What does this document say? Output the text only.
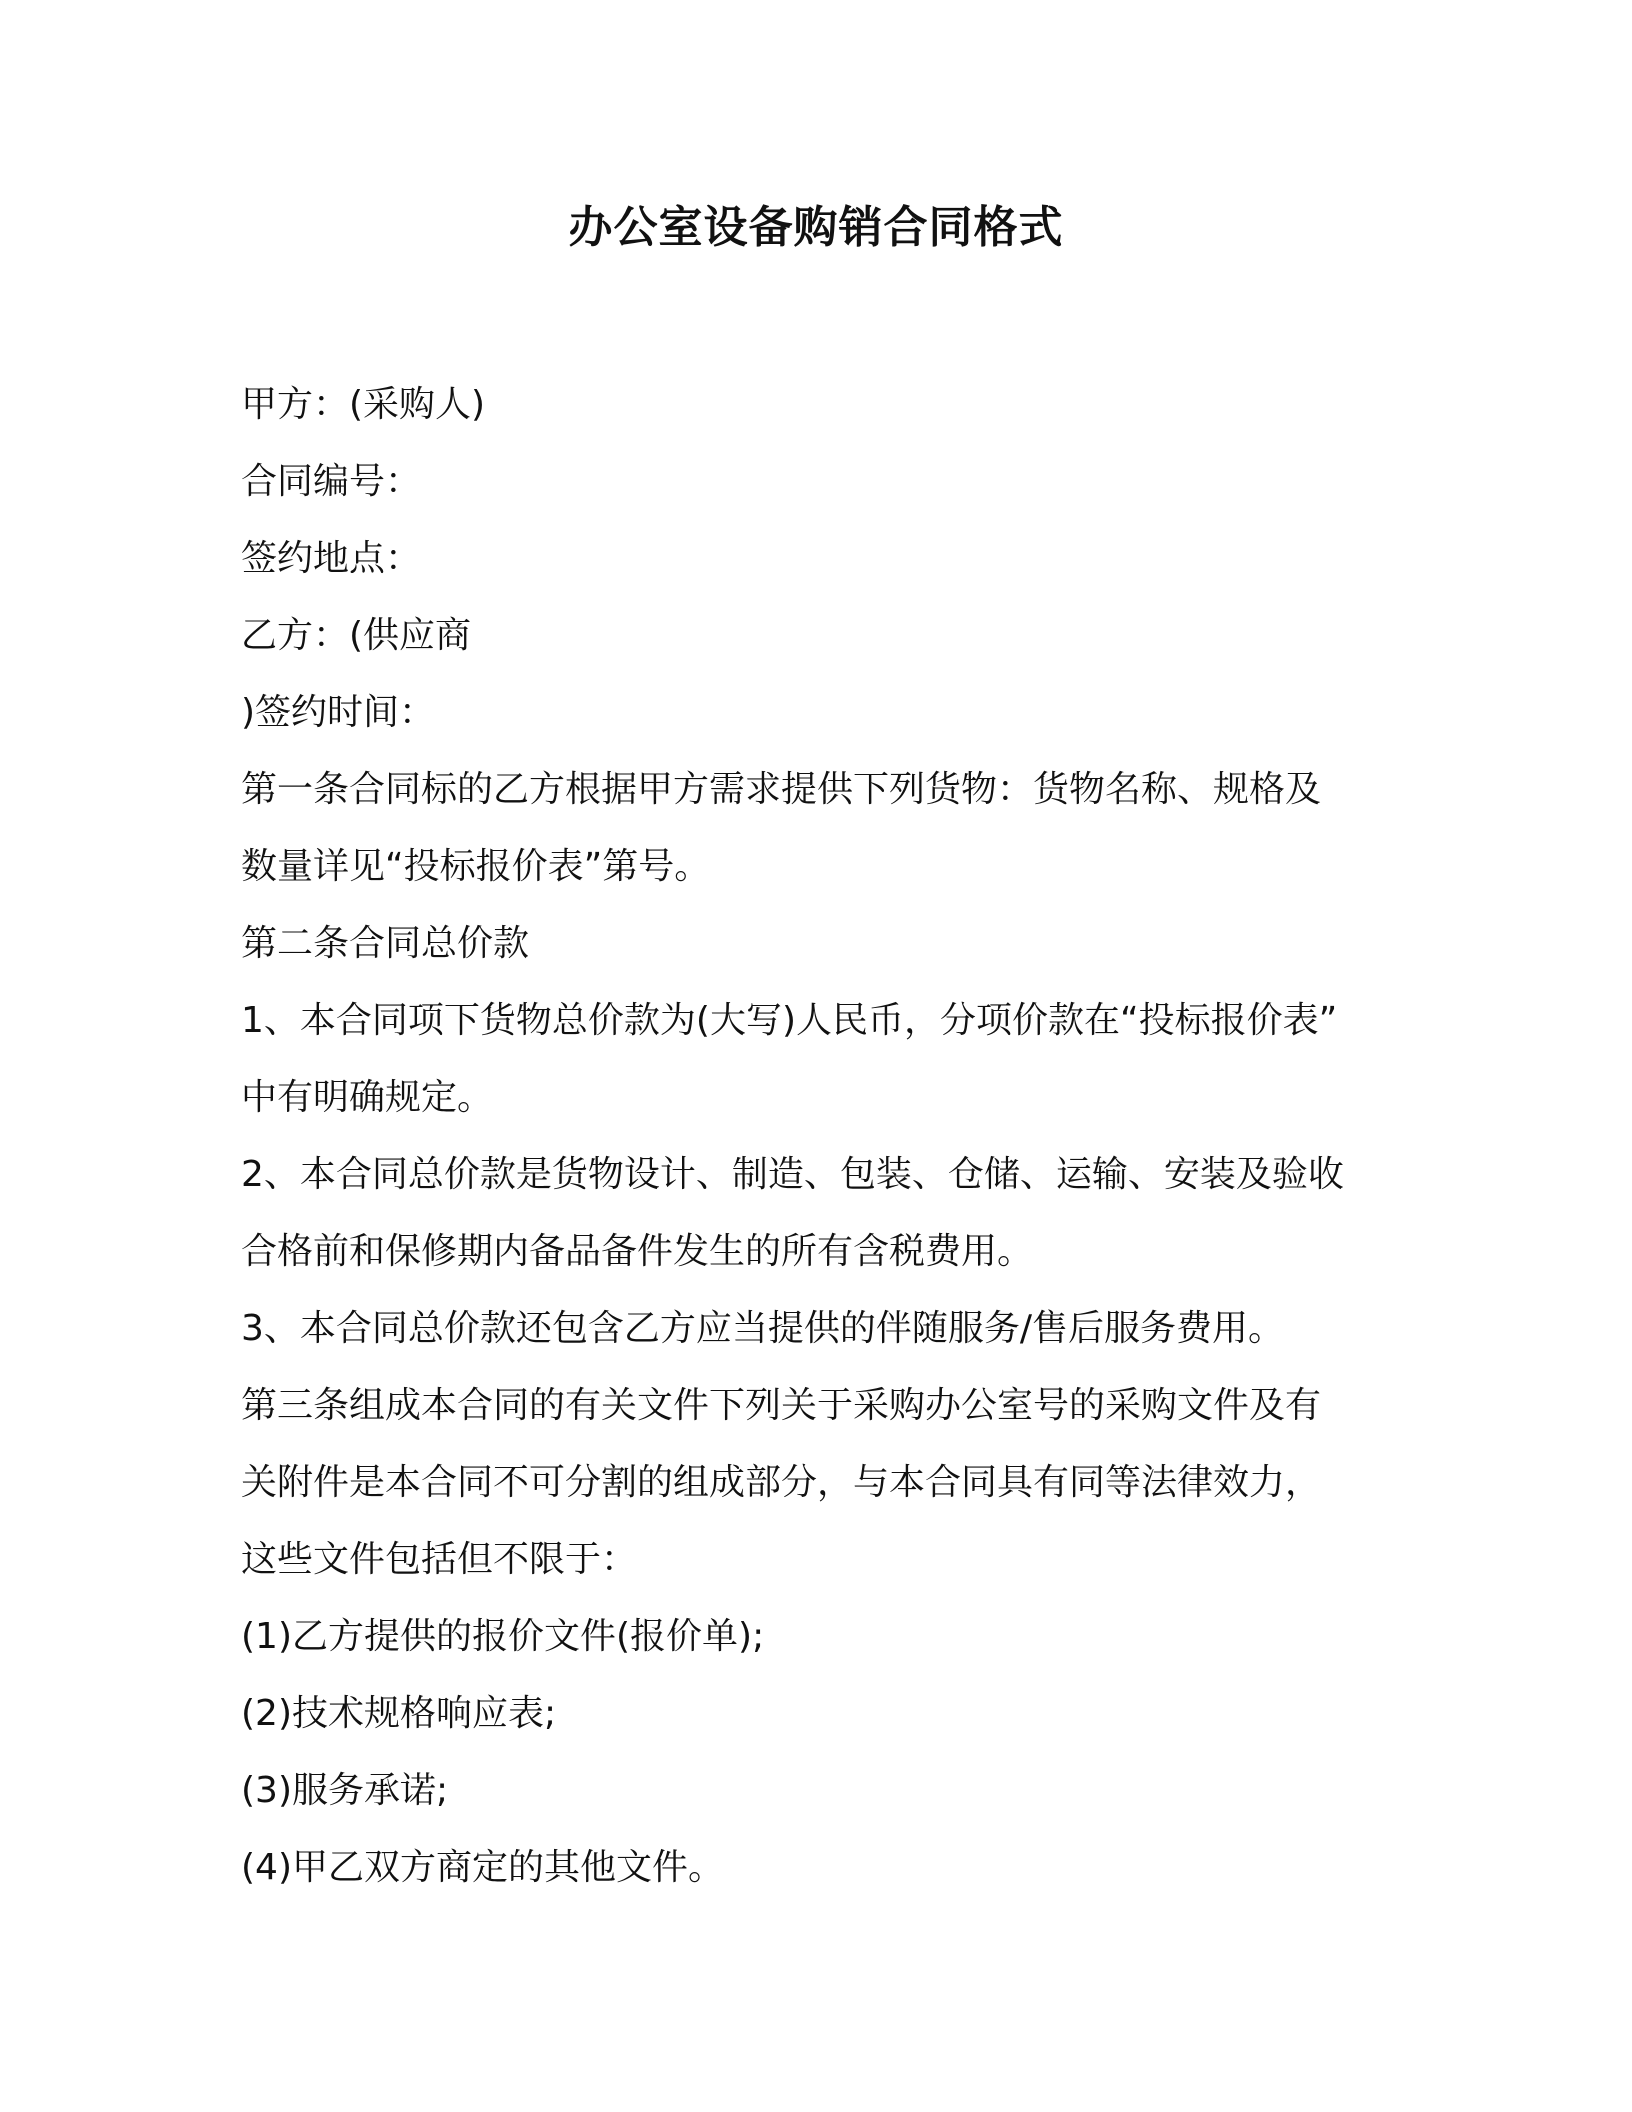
办公室设备购销合同格式

甲方：(采购人)

合同编号：

签约地点：

乙方：(供应商

)签约时间：

第一条合同标的乙方根据甲方需求提供下列货物：货物名称、规格及

数量详见“投标报价表”第号。

第二条合同总价款

1、本合同项下货物总价款为(大写)人民币，分项价款在“投标报价表”

中有明确规定。

2、本合同总价款是货物设计、制造、包装、仓储、运输、安装及验收

合格前和保修期内备品备件发生的所有含税费用。

3、本合同总价款还包含乙方应当提供的伴随服务/售后服务费用。

第三条组成本合同的有关文件下列关于采购办公室号的采购文件及有

关附件是本合同不可分割的组成部分，与本合同具有同等法律效力，

这些文件包括但不限于：

(1)乙方提供的报价文件(报价单);

(2)技术规格响应表;

(3)服务承诺;

(4)甲乙双方商定的其他文件。
